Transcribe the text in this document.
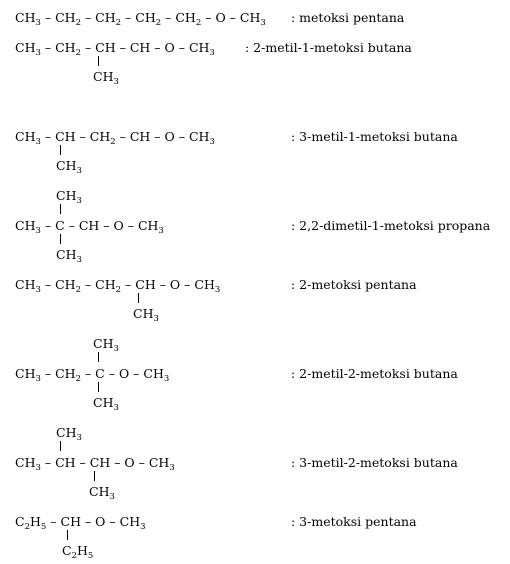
$CH_3 - CH_2 - CH_2 - CH_2 - CH_2$ – O – $CH_3$ : metoksi pentana
$CH_3 - CH_2$ – CH – CH – O – $CH_3$
$CH_3$
: 2-metil-1-metoksi butana
$CH_3$ – CH – $CH_2$ – CH – O – $CH_3$
$CH_3$
: 3-metil-1-metoksi butana
$CH_3$
$CH_3$ – C – CH – O – $CH_3$
$CH_3$
: 2,2-dimetil-1-metoksi propana
$CH_3 - CH_2 - CH_2$ – CH – O – $CH_3$
$CH_3$
: 2-metoksi pentana
$CH_3$
$CH_3 - CH_2$ – C – O – $CH_3$
$CH_3$
: 2-metil-2-metoksi butana
$CH_3$
$CH_3$ – CH – CH – O – $CH_3$
$CH_3$
: 3-metil-2-metoksi butana
$C_2H_5$ – CH – O – $CH_3$
$C_2H_5$
: 3-metoksi pentana
